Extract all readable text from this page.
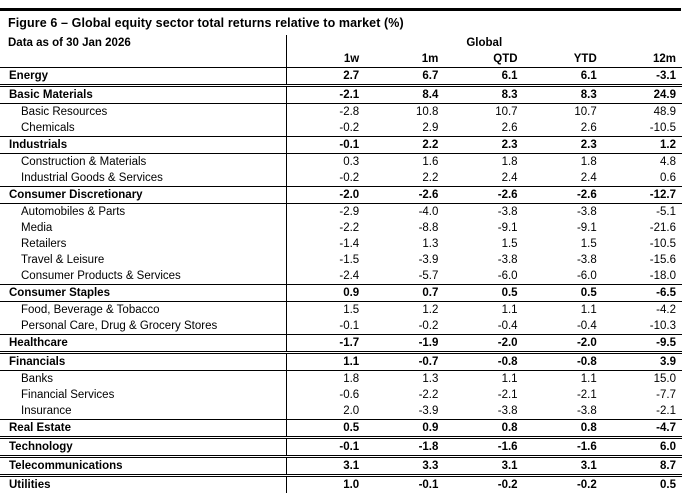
Figure 6 – Global equity sector total returns relative to market (%)
Data as of 30 Jan 2026	Global				
	1w	1m	QTD	YTD	12m
Energy	2.7	6.7	6.1	6.1	-3.1
Basic Materials	-2.1	8.4	8.3	8.3	24.9
Basic Resources	-2.8	10.8	10.7	10.7	48.9
Chemicals	-0.2	2.9	2.6	2.6	-10.5
Industrials	-0.1	2.2	2.3	2.3	1.2
Construction & Materials	0.3	1.6	1.8	1.8	4.8
Industrial Goods & Services	-0.2	2.2	2.4	2.4	0.6
Consumer Discretionary	-2.0	-2.6	-2.6	-2.6	-12.7
Automobiles & Parts	-2.9	-4.0	-3.8	-3.8	-5.1
Media	-2.2	-8.8	-9.1	-9.1	-21.6
Retailers	-1.4	1.3	1.5	1.5	-10.5
Travel & Leisure	-1.5	-3.9	-3.8	-3.8	-15.6
Consumer Products & Services	-2.4	-5.7	-6.0	-6.0	-18.0
Consumer Staples	0.9	0.7	0.5	0.5	-6.5
Food, Beverage & Tobacco	1.5	1.2	1.1	1.1	-4.2
Personal Care, Drug & Grocery Stores	-0.1	-0.2	-0.4	-0.4	-10.3
Healthcare	-1.7	-1.9	-2.0	-2.0	-9.5
Financials	1.1	-0.7	-0.8	-0.8	3.9
Banks	1.8	1.3	1.1	1.1	15.0
Financial Services	-0.6	-2.2	-2.1	-2.1	-7.7
Insurance	2.0	-3.9	-3.8	-3.8	-2.1
Real Estate	0.5	0.9	0.8	0.8	-4.7
Technology	-0.1	-1.8	-1.6	-1.6	6.0
Telecommunications	3.1	3.3	3.1	3.1	8.7
Utilities	1.0	-0.1	-0.2	-0.2	0.5
